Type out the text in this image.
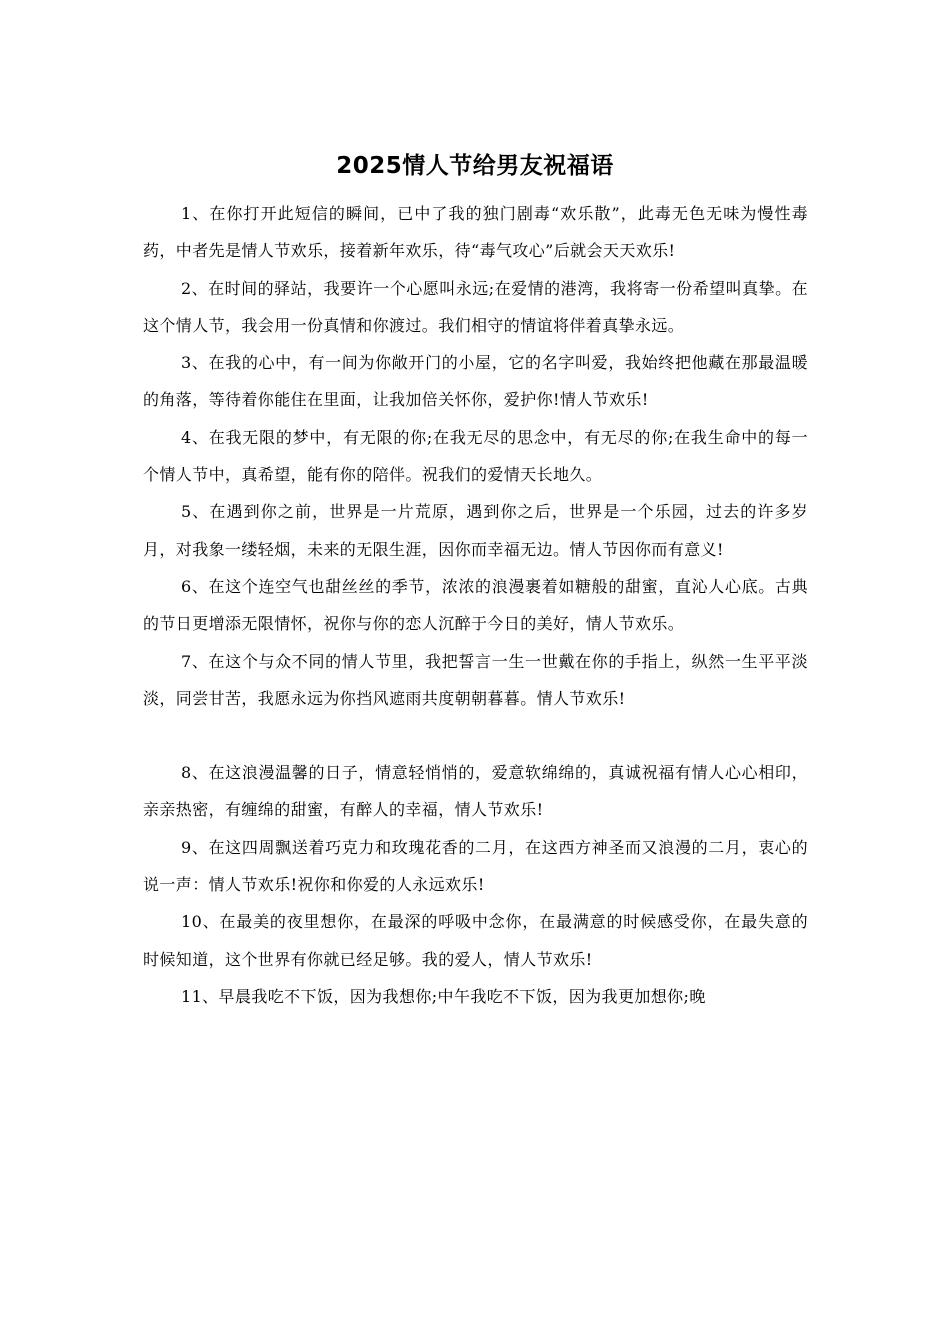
2025情人节给男友祝福语

1、在你打开此短信的瞬间，已中了我的独门剧毒“欢乐散”，此毒无色无味为慢性毒药，中者先是情人节欢乐，接着新年欢乐，待“毒气攻心”后就会天天欢乐!

2、在时间的驿站，我要许一个心愿叫永远;在爱情的港湾，我将寄一份希望叫真挚。在这个情人节，我会用一份真情和你渡过。我们相守的情谊将伴着真挚永远。

3、在我的心中，有一间为你敞开门的小屋，它的名字叫爱，我始终把他藏在那最温暖的角落，等待着你能住在里面，让我加倍关怀你，爱护你!情人节欢乐!

4、在我无限的梦中，有无限的你;在我无尽的思念中，有无尽的你;在我生命中的每一个情人节中，真希望，能有你的陪伴。祝我们的爱情天长地久。

5、在遇到你之前，世界是一片荒原，遇到你之后，世界是一个乐园，过去的许多岁月，对我象一缕轻烟，未来的无限生涯，因你而幸福无边。情人节因你而有意义!

6、在这个连空气也甜丝丝的季节，浓浓的浪漫裹着如糖般的甜蜜，直沁人心底。古典的节日更增添无限情怀，祝你与你的恋人沉醉于今日的美好，情人节欢乐。

7、在这个与众不同的情人节里，我把誓言一生一世戴在你的手指上，纵然一生平平淡淡，同尝甘苦，我愿永远为你挡风遮雨共度朝朝暮暮。情人节欢乐!

8、在这浪漫温馨的日子，情意轻悄悄的，爱意软绵绵的，真诚祝福有情人心心相印，亲亲热密，有缠绵的甜蜜，有醉人的幸福，情人节欢乐!

9、在这四周飘送着巧克力和玫瑰花香的二月，在这西方神圣而又浪漫的二月，衷心的说一声：情人节欢乐!祝你和你爱的人永远欢乐!

10、在最美的夜里想你，在最深的呼吸中念你，在最满意的时候感受你，在最失意的时候知道，这个世界有你就已经足够。我的爱人，情人节欢乐!

11、早晨我吃不下饭，因为我想你;中午我吃不下饭，因为我更加想你;晚
